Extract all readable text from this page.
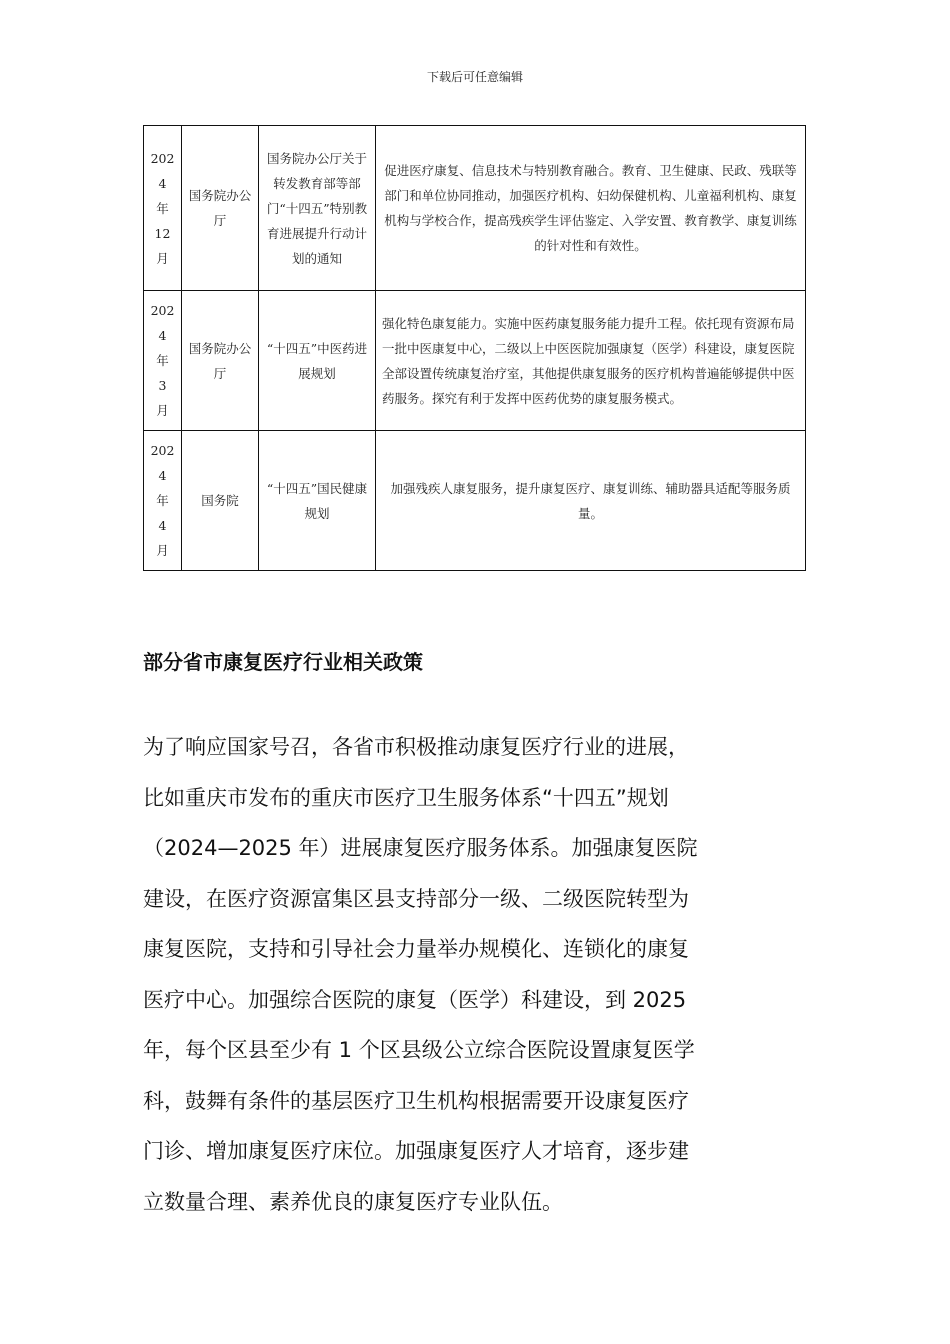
下载后可任意编辑
202
4
年
12
月	国务院办公厅	国务院办公厅关于转发教育部等部门“十四五”特别教育进展提升行动计划的通知	促进医疗康复、信息技术与特别教育融合。教育、卫生健康、民政、残联等部门和单位协同推动，加强医疗机构、妇幼保健机构、儿童福利机构、康复机构与学校合作，提高残疾学生评估鉴定、入学安置、教育教学、康复训练的针对性和有效性。

202
4
年
3
月	国务院办公厅	“十四五”中医药进展规划	强化特色康复能力。实施中医药康复服务能力提升工程。依托现有资源布局一批中医康复中心，二级以上中医医院加强康复（医学）科建设，康复医院全部设置传统康复治疗室，其他提供康复服务的医疗机构普遍能够提供中医药服务。探究有利于发挥中医药优势的康复服务模式。

202
4
年
4
月	国务院	“十四五”国民健康规划	加强残疾人康复服务，提升康复医疗、康复训练、辅助器具适配等服务质量。
部分省市康复医疗行业相关政策
为了响应国家号召，各省市积极推动康复医疗行业的进展，
比如重庆市发布的重庆市医疗卫生服务体系“十四五”规划
（2024—2025 年）进展康复医疗服务体系。加强康复医院
建设，在医疗资源富集区县支持部分一级、二级医院转型为
康复医院，支持和引导社会力量举办规模化、连锁化的康复
医疗中心。加强综合医院的康复（医学）科建设，到 2025
年，每个区县至少有 1 个区县级公立综合医院设置康复医学
科，鼓舞有条件的基层医疗卫生机构根据需要开设康复医疗
门诊、增加康复医疗床位。加强康复医疗人才培育，逐步建
立数量合理、素养优良的康复医疗专业队伍。
